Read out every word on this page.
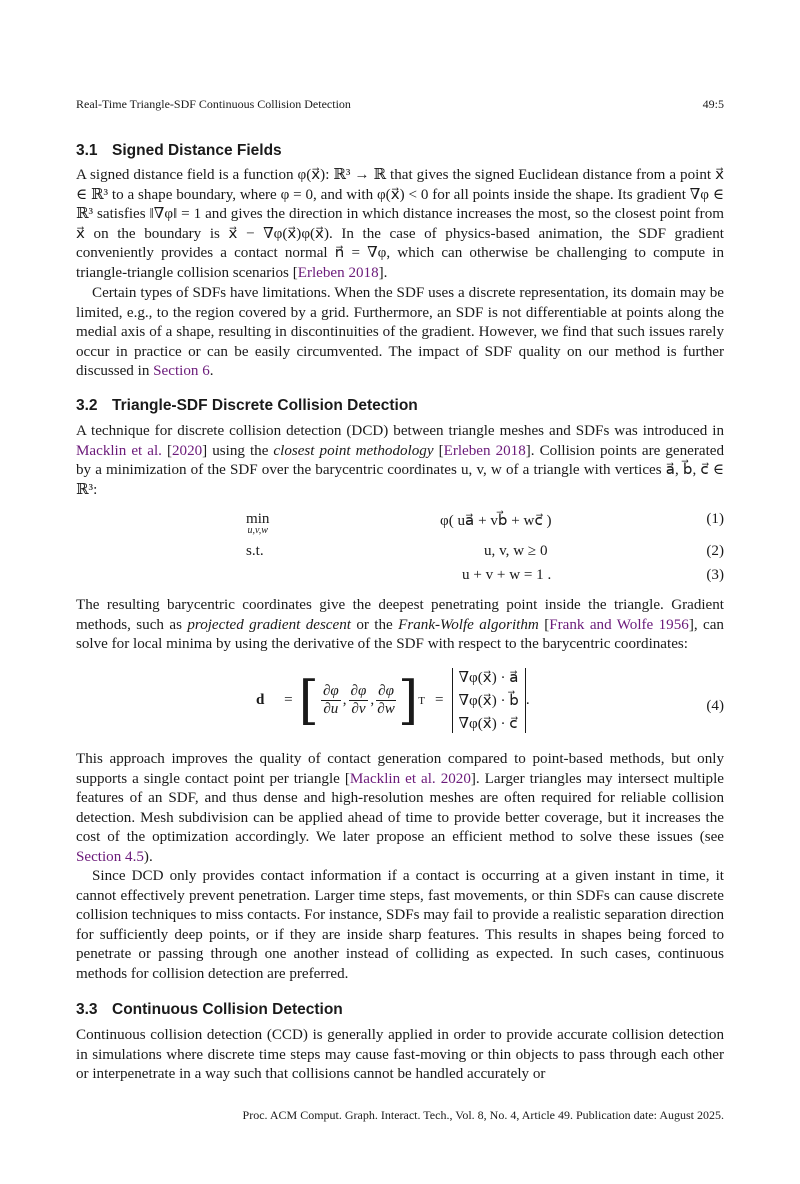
Real-Time Triangle-SDF Continuous Collision Detection	49:5
3.1 Signed Distance Fields
A signed distance field is a function φ(x⃗): ℝ³ → ℝ that gives the signed Euclidean distance from a point x⃗ ∈ ℝ³ to a shape boundary, where φ = 0, and with φ(x⃗) < 0 for all points inside the shape. Its gradient ∇φ ∈ ℝ³ satisfies ‖∇φ‖ = 1 and gives the direction in which distance increases the most, so the closest point from x⃗ on the boundary is x⃗ − ∇φ(x⃗)φ(x⃗). In the case of physics-based animation, the SDF gradient conveniently provides a contact normal n⃗ = ∇φ, which can otherwise be challenging to compute in triangle-triangle collision scenarios [Erleben 2018].
Certain types of SDFs have limitations. When the SDF uses a discrete representation, its domain may be limited, e.g., to the region covered by a grid. Furthermore, an SDF is not differentiable at points along the medial axis of a shape, resulting in discontinuities of the gradient. However, we find that such issues rarely occur in practice or can be easily circumvented. The impact of SDF quality on our method is further discussed in Section 6.
3.2 Triangle-SDF Discrete Collision Detection
A technique for discrete collision detection (DCD) between triangle meshes and SDFs was introduced in Macklin et al. [2020] using the closest point methodology [Erleben 2018]. Collision points are generated by a minimization of the SDF over the barycentric coordinates u, v, w of a triangle with vertices a⃗, b⃗, c⃗ ∈ ℝ³:
min
u,v,w
φ( ua⃗ + vb⃗ + wc⃗ )	(1)
s.t.	u, v, w ≥ 0	(2)
u + v + w = 1 .	(3)
The resulting barycentric coordinates give the deepest penetrating point inside the triangle. Gradient methods, such as projected gradient descent or the Frank-Wolfe algorithm [Frank and Wolfe 1956], can solve for local minima by using the derivative of the SDF with respect to the barycentric coordinates:
d⃗ = [ $\frac{\partial\varphi}{\partial u}$ , $\frac{\partial\varphi}{\partial v}$ , $\frac{\partial\varphi}{\partial w}$ ] T =
∇φ(x⃗) · a⃗
∇φ(x⃗) · b⃗
∇φ(x⃗) · c⃗
.	(4)
This approach improves the quality of contact generation compared to point-based methods, but only supports a single contact point per triangle [Macklin et al. 2020]. Larger triangles may intersect multiple features of an SDF, and thus dense and high-resolution meshes are often required for reliable collision detection. Mesh subdivision can be applied ahead of time to provide better coverage, but it increases the cost of the optimization accordingly. We later propose an efficient method to solve these issues (see Section 4.5).
Since DCD only provides contact information if a contact is occurring at a given instant in time, it cannot effectively prevent penetration. Larger time steps, fast movements, or thin SDFs can cause discrete collision techniques to miss contacts. For instance, SDFs may fail to provide a realistic separation direction for sufficiently deep points, or if they are inside sharp features. This results in shapes being forced to penetrate or passing through one another instead of colliding as expected. In such cases, continuous methods for collision detection are preferred.
3.3 Continuous Collision Detection
Continuous collision detection (CCD) is generally applied in order to provide accurate collision detection in simulations where discrete time steps may cause fast-moving or thin objects to pass through each other or interpenetrate in a way such that collisions cannot be handled accurately or
Proc. ACM Comput. Graph. Interact. Tech., Vol. 8, No. 4, Article 49. Publication date: August 2025.
